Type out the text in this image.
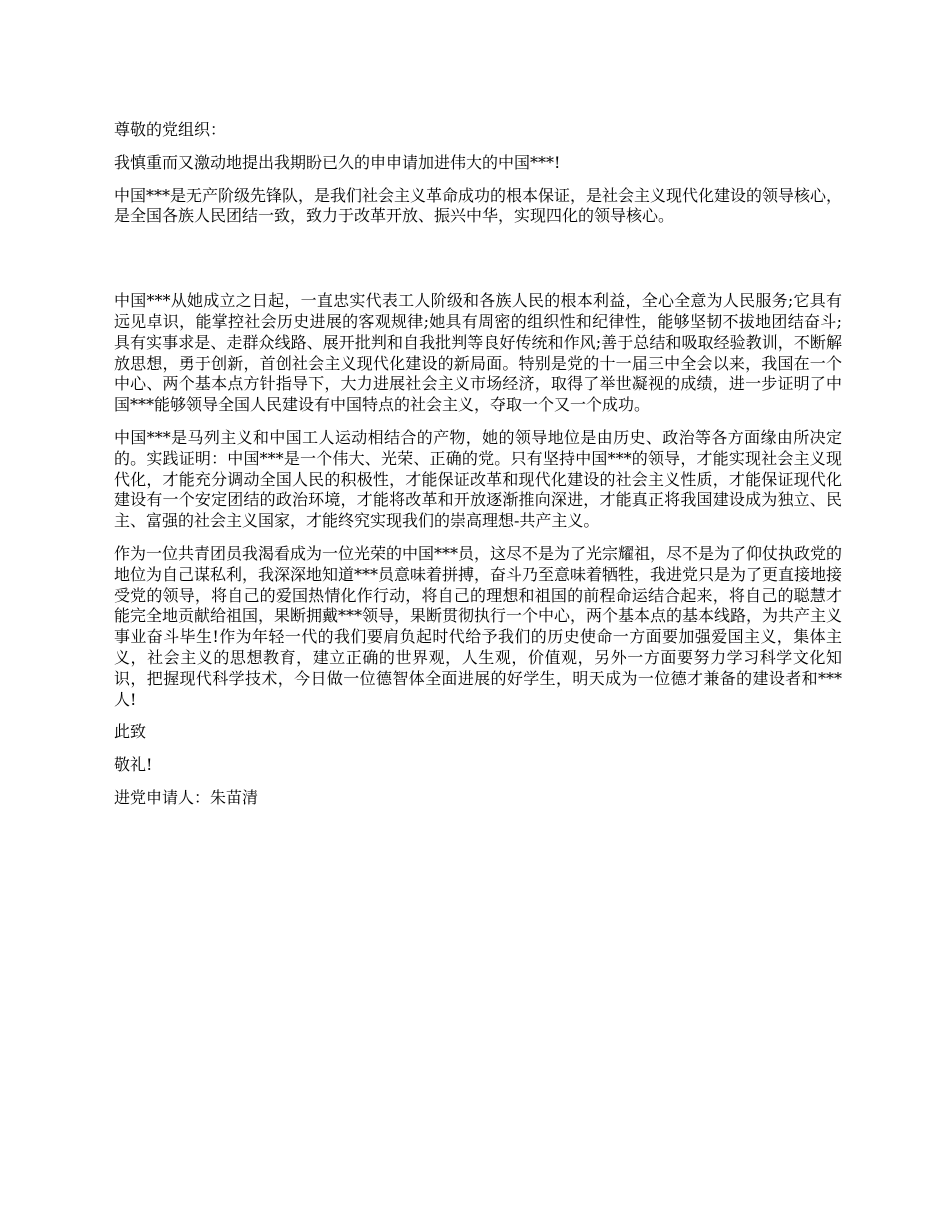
尊敬的党组织：

我慎重而又激动地提出我期盼已久的申申请加进伟大的中国***!

中国***是无产阶级先锋队，是我们社会主义革命成功的根本保证，是社会主义现代化建设的领导核心，是全国各族人民团结一致，致力于改革开放、振兴中华，实现四化的领导核心。

中国***从她成立之日起，一直忠实代表工人阶级和各族人民的根本利益，全心全意为人民服务;它具有远见卓识，能掌控社会历史进展的客观规律;她具有周密的组织性和纪律性，能够坚韧不拔地团结奋斗;具有实事求是、走群众线路、展开批判和自我批判等良好传统和作风;善于总结和吸取经验教训，不断解放思想，勇于创新，首创社会主义现代化建设的新局面。特别是党的十一届三中全会以来，我国在一个中心、两个基本点方针指导下，大力进展社会主义市场经济，取得了举世凝视的成绩，进一步证明了中国***能够领导全国人民建设有中国特点的社会主义，夺取一个又一个成功。

中国***是马列主义和中国工人运动相结合的产物，她的领导地位是由历史、政治等各方面缘由所决定的。实践证明：中国***是一个伟大、光荣、正确的党。只有坚持中国***的领导，才能实现社会主义现代化，才能充分调动全国人民的积极性，才能保证改革和现代化建设的社会主义性质，才能保证现代化建设有一个安定团结的政治环境，才能将改革和开放逐渐推向深进，才能真正将我国建设成为独立、民主、富强的社会主义国家，才能终究实现我们的崇高理想-共产主义。

作为一位共青团员我渴看成为一位光荣的中国***员，这尽不是为了光宗耀祖，尽不是为了仰仗执政党的地位为自己谋私利，我深深地知道***员意味着拼搏，奋斗乃至意味着牺牲，我进党只是为了更直接地接受党的领导，将自己的爱国热情化作行动，将自己的理想和祖国的前程命运结合起来，将自己的聪慧才能完全地贡献给祖国，果断拥戴***领导，果断贯彻执行一个中心，两个基本点的基本线路，为共产主义事业奋斗毕生!作为年轻一代的我们要肩负起时代给予我们的历史使命一方面要加强爱国主义，集体主义，社会主义的思想教育，建立正确的世界观，人生观，价值观，另外一方面要努力学习科学文化知识，把握现代科学技术，今日做一位德智体全面进展的好学生，明天成为一位德才兼备的建设者和***人!

此致

敬礼!

进党申请人：朱苗清
